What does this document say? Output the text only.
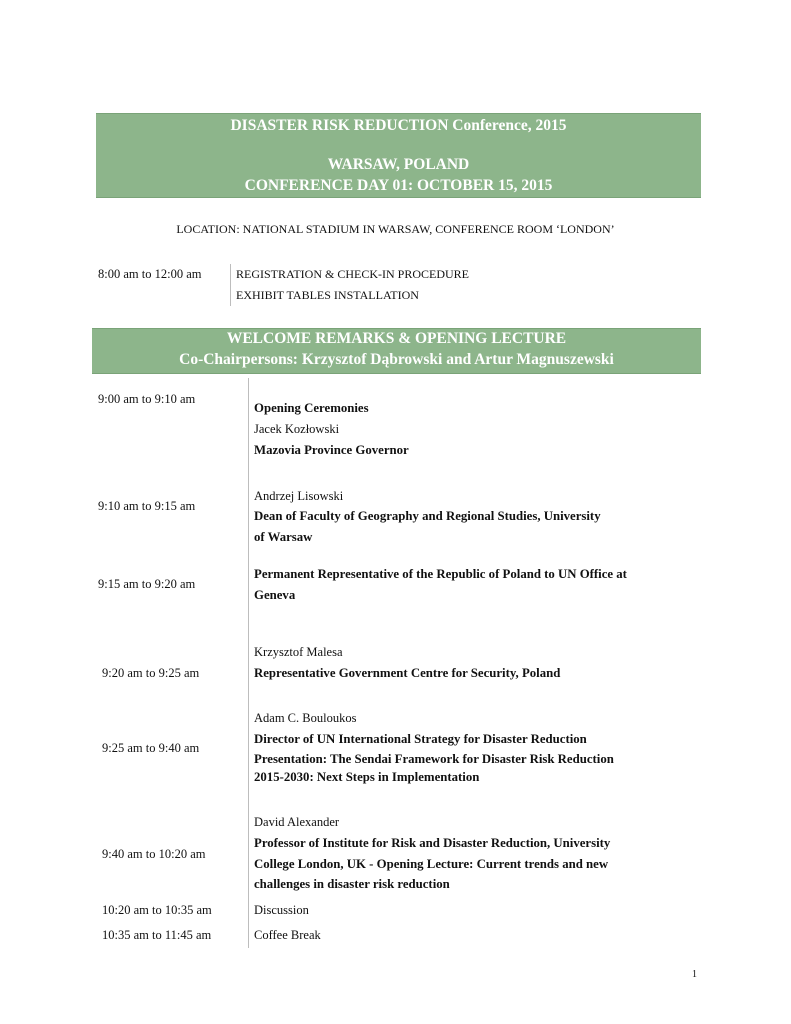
DISASTER RISK REDUCTION Conference, 2015
WARSAW, POLAND
CONFERENCE DAY 01: OCTOBER 15, 2015
LOCATION: NATIONAL STADIUM IN WARSAW, CONFERENCE ROOM ‘LONDON’
8:00 am to 12:00 am	REGISTRATION & CHECK-IN PROCEDURE
EXHIBIT TABLES INSTALLATION
WELCOME REMARKS & OPENING LECTURE
Co-Chairpersons: Krzysztof Dąbrowski and Artur Magnuszewski
9:00 am to 9:10 am
Opening Ceremonies
Jacek Kozłowski
Mazovia Province Governor
9:10 am to 9:15 am
Andrzej Lisowski
Dean of Faculty of Geography and Regional Studies, University
of Warsaw
9:15 am to 9:20 am
Permanent Representative of the Republic of Poland to UN Office at
Geneva
9:20 am to 9:25 am
Krzysztof Malesa
Representative Government Centre for Security, Poland
9:25 am to 9:40 am
Adam C. Bouloukos
Director of UN International Strategy for Disaster Reduction
Presentation: The Sendai Framework for Disaster Risk Reduction
2015-2030: Next Steps in Implementation
9:40 am to 10:20 am
David Alexander
Professor of Institute for Risk and Disaster Reduction, University
College London, UK - Opening Lecture: Current trends and new
challenges in disaster risk reduction
10:20 am to 10:35 am	Discussion
10:35 am to 11:45 am	Coffee Break
1
